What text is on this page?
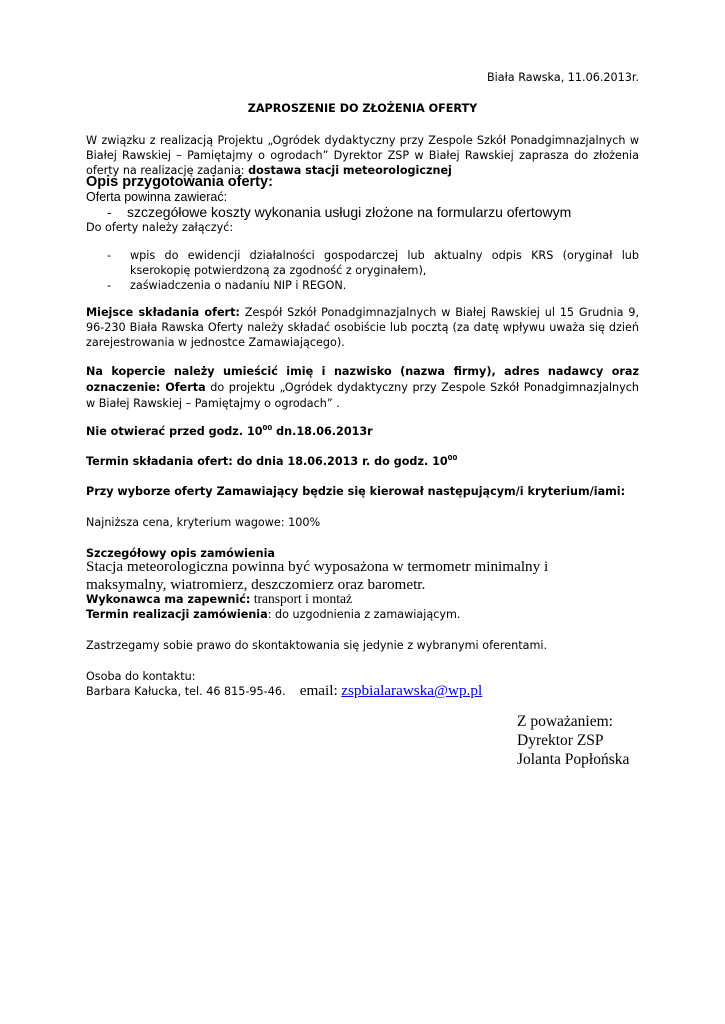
Biała Rawska, 11.06.2013r.

ZAPROSZENIE DO ZŁOŻENIA OFERTY

W związku z realizacją Projektu „Ogródek dydaktyczny przy Zespole Szkół Ponadgimnazjalnych w Białej Rawskiej – Pamiętajmy o ogrodach” Dyrektor ZSP w Białej Rawskiej zaprasza do złożenia oferty na realizację zadania: dostawa stacji meteorologicznej

Opis przygotowania oferty:

Oferta powinna zawierać:

- szczegółowe koszty wykonania usługi złożone na formularzu ofertowym

Do oferty należy załączyć:

- wpis do ewidencji działalności gospodarczej lub aktualny odpis KRS (oryginał lub kserokopię potwierdzoną za zgodność z oryginałem),
- zaświadczenia o nadaniu NIP i REGON.

Miejsce składania ofert: Zespół Szkół Ponadgimnazjalnych w Białej Rawskiej ul 15 Grudnia 9, 96-230 Biała Rawska Oferty należy składać osobiście lub pocztą (za datę wpływu uważa się dzień zarejestrowania w jednostce Zamawiającego).

Na kopercie należy umieścić imię i nazwisko (nazwa firmy), adres nadawcy oraz oznaczenie: Oferta do projektu „Ogródek dydaktyczny przy Zespole Szkół Ponadgimnazjalnych w Białej Rawskiej – Pamiętajmy o ogrodach” .

Nie otwierać przed godz. $10^{00}$ dn.18.06.2013r

Termin składania ofert: do dnia 18.06.2013 r. do godz. $10^{00}$

Przy wyborze oferty Zamawiający będzie się kierował następującym/i kryterium/iami:

Najniższa cena, kryterium wagowe: 100%

Szczegółowy opis zamówienia

Stacja meteorologiczna powinna być wyposażona w termometr minimalny i maksymalny, wiatromierz, deszczomierz oraz barometr.

Wykonawca ma zapewnić: transport i montaż

Termin realizacji zamówienia: do uzgodnienia z zamawiającym.

Zastrzegamy sobie prawo do skontaktowania się jedynie z wybranymi oferentami.

Osoba do kontaktu:

Barbara Kałucka, tel. 46 815-95-46. email: zspbialarawska@wp.pl

Z poważaniem:
Dyrektor ZSP
Jolanta Popłońska
